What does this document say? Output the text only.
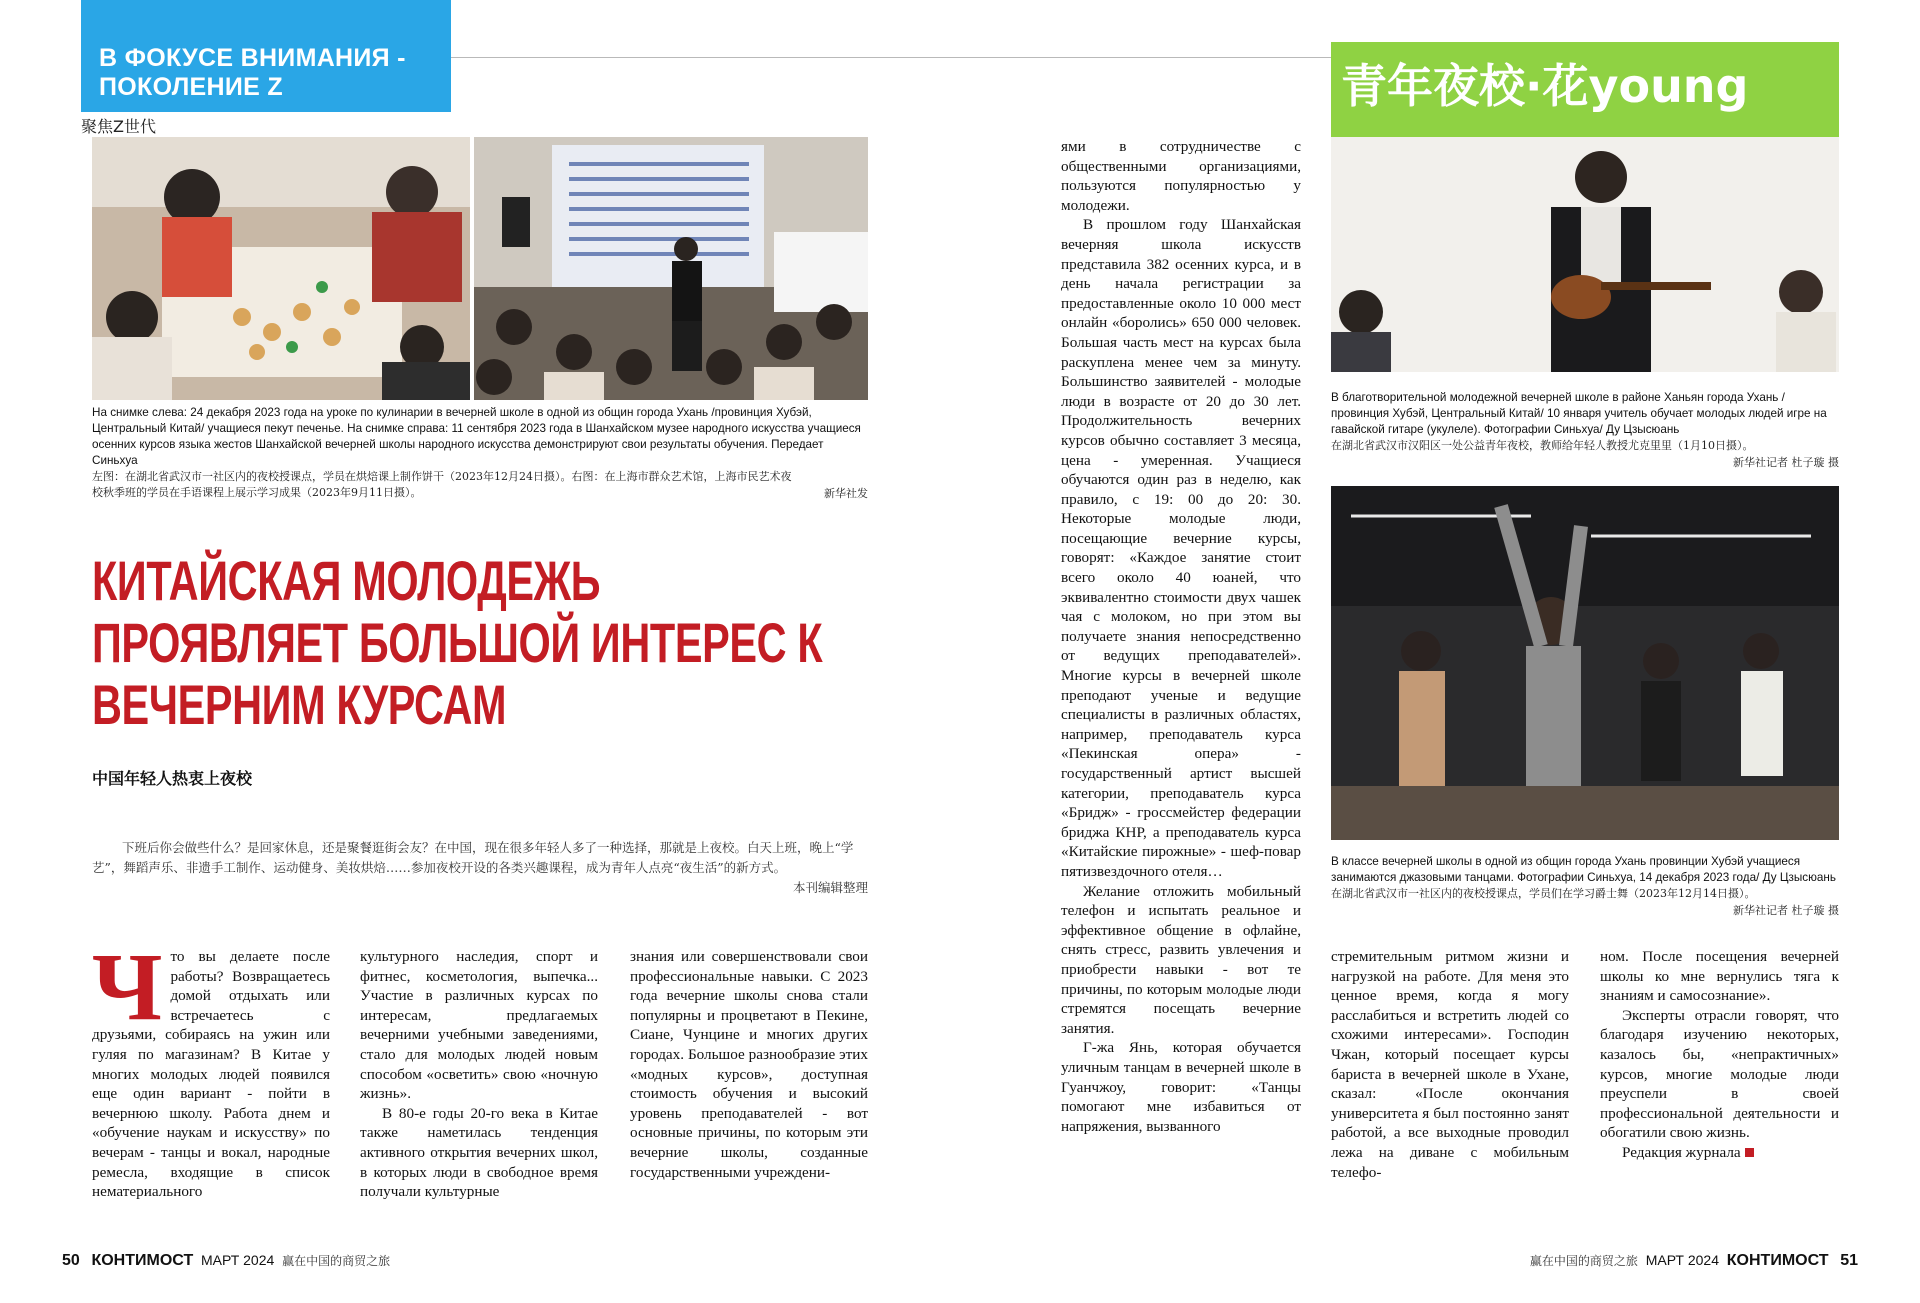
В ФОКУСЕ ВНИМАНИЯ -
ПОКОЛЕНИЕ Z
聚焦Z世代
На снимке слева: 24 декабря 2023 года на уроке по кулинарии в вечерней школе в одной из общин города Ухань /провинция Хубэй, Центральный Китай/ учащиеся пекут печенье. На снимке справа: 11 сентября 2023 года в Шанхайском музее народного искусства учащиеся осенних курсов языка жестов Шанхайской вечерней школы народного искусства демонстрируют свои результаты обучения. Передает Синьхуа
左图：在湖北省武汉市一社区内的夜校授课点，学员在烘焙课上制作饼干（2023年12月24日摄）。右图：在上海市群众艺术馆，上海市民艺术夜校秋季班的学员在手语课程上展示学习成果（2023年9月11日摄）。	新华社发
КИТАЙСКАЯ МОЛОДЕЖЬ
ПРОЯВЛЯЕТ БОЛЬШОЙ ИНТЕРЕС К
ВЕЧЕРНИМ КУРСАМ
中国年轻人热衷上夜校
下班后你会做些什么？是回家休息，还是聚餐逛街会友？在中国，现在很多年轻人多了一种选择，那就是上夜校。白天上班，晚上“学艺”，舞蹈声乐、非遗手工制作、运动健身、美妆烘焙……参加夜校开设的各类兴趣课程，成为青年人点亮“夜生活”的新方式。
本刊编辑整理
Ч то вы делаете после работы? Возвращаетесь домой отдыхать или встречаетесь с друзьями, собираясь на ужин или гуляя по магазинам? В Китае у многих молодых людей появился еще один вариант - пойти в вечернюю школу. Работа днем и «обучение наукам и искусству» по вечерам - танцы и вокал, народные ремесла, входящие в список нематериального

культурного наследия, спорт и фитнес, косметология, выпечка... Участие в различных курсах по интересам, предлагаемых вечерними учебными заведениями, стало для молодых людей новым способом «осветить» свою «ночную жизнь».

В 80-е годы 20-го века в Китае также наметилась тенденция активного открытия вечерних школ, в которых люди в свободное время получали культурные

знания или совершенствовали свои профессиональные навыки. С 2023 года вечерние школы снова стали популярны и процветают в Пекине, Сиане, Чунцине и многих других городах. Большое разнообразие этих «модных курсов», доступная стоимость обучения и высокий уровень преподавателей - вот основные причины, по которым эти вечерние школы, созданные государственными учреждени-

ями в сотрудничестве с общественными организациями, пользуются популярностью у молодежи.

В прошлом году Шанхайская вечерняя школа искусств представила 382 осенних курса, и в день начала регистрации за предоставленные около 10 000 мест онлайн «боролись» 650 000 человек. Большая часть мест на курсах была раскуплена менее чем за минуту. Большинство заявителей - молодые люди в возрасте от 20 до 30 лет. Продолжительность вечерних курсов обычно составляет 3 месяца, цена - умеренная. Учащиеся обучаются один раз в неделю, как правило, с 19: 00 до 20: 30. Некоторые молодые люди, посещающие вечерние курсы, говорят: «Каждое занятие стоит всего около 40 юаней, что эквивалентно стоимости двух чашек чая с молоком, но при этом вы получаете знания непосредственно от ведущих преподавателей». Многие курсы в вечерней школе преподают ученые и ведущие специалисты в различных областях, например, преподаватель курса «Пекинская опера» - государственный артист высшей категории, преподаватель курса «Бридж» - гроссмейстер федерации бриджа КНР, а преподаватель курса «Китайские пирожные» - шеф-повар пятизвездочного отеля…

Желание отложить мобильный телефон и испытать реальное и эффективное общение в офлайне, снять стресс, развить увлечения и приобрести навыки - вот те причины, по которым молодые люди стремятся посещать вечерние занятия.

Г-жа Янь, которая обучается уличным танцам в вечерней школе в Гуанчжоу, говорит: «Танцы помогают мне избавиться от напряжения, вызванного

青年夜校·花young
В благотворительной молодежной вечерней школе в районе Ханьян города Ухань /провинция Хубэй, Центральный Китай/ 10 января учитель обучает молодых людей игре на гавайской гитаре (укулеле). Фотографии Синьхуа/ Ду Цзысюань
在湖北省武汉市汉阳区一处公益青年夜校，教师给年轻人教授尤克里里（1月10日摄）。
新华社记者 杜子璇 摄
В классе вечерней школы в одной из общин города Ухань провинции Хубэй учащиеся занимаются джазовыми танцами. Фотографии Синьхуа, 14 декабря 2023 года/ Ду Цзысюань
在湖北省武汉市一社区内的夜校授课点，学员们在学习爵士舞（2023年12月14日摄）。
新华社记者 杜子璇 摄

стремительным ритмом жизни и нагрузкой на работе. Для меня это ценное время, когда я могу расслабиться и встретить людей со схожими интересами». Господин Чжан, который посещает курсы бариста в вечерней школе в Ухане, сказал: «После окончания университета я был постоянно занят работой, а все выходные проводил лежа на диване с мобильным телефо-

ном. После посещения вечерней школы ко мне вернулись тяга к знаниям и самосознание».

Эксперты отрасли говорят, что благодаря изучению некоторых, казалось бы, «непрактичных» курсов, многие молодые люди преуспели в своей профессиональной деятельности и обогатили свою жизнь.

Редакция журнала

50 КОНТИМОСТ МАРТ 2024 赢在中国的商贸之旅	赢在中国的商贸之旅 МАРТ 2024 КОНТИМОСТ 51
